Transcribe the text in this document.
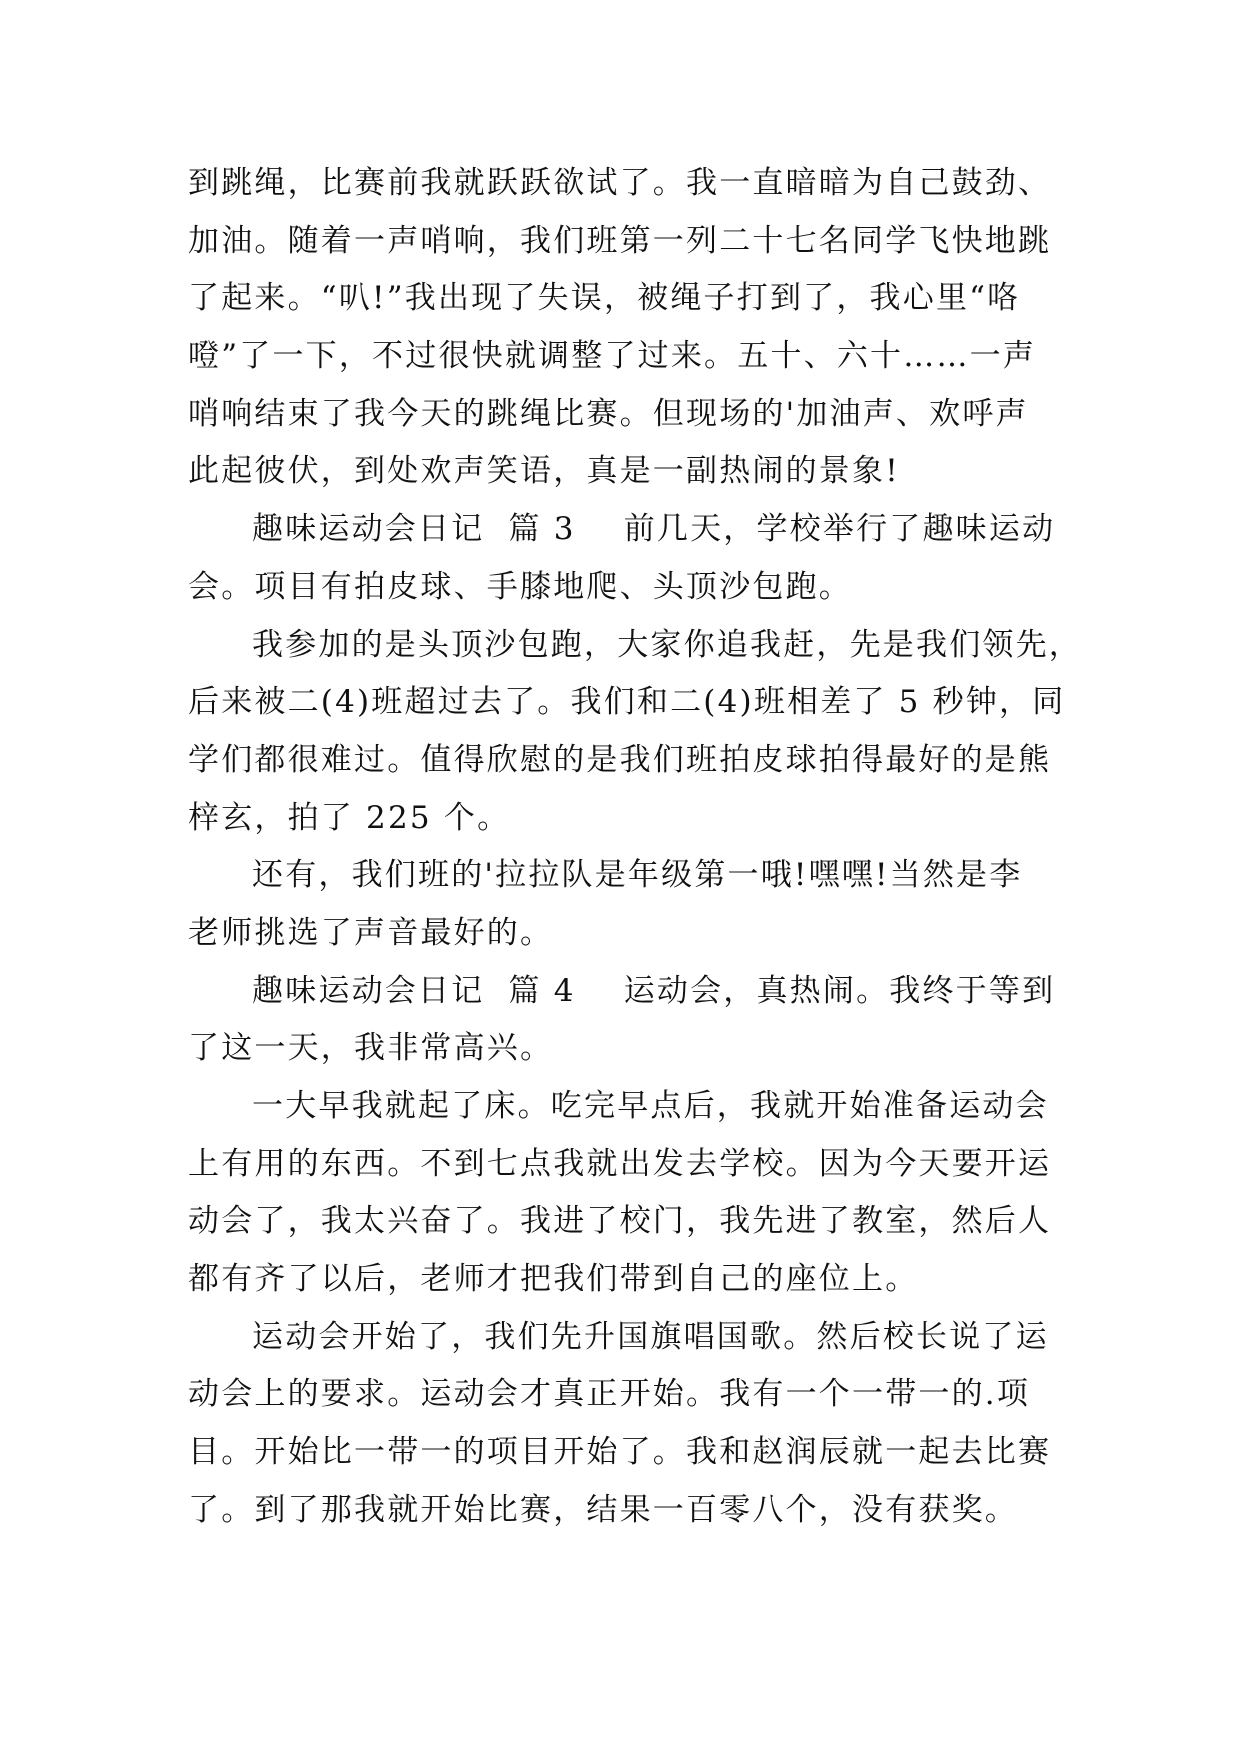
到跳绳，比赛前我就跃跃欲试了。我一直暗暗为自己鼓劲、
加油。随着一声哨响，我们班第一列二十七名同学飞快地跳
了起来。“叭!”我出现了失误，被绳子打到了，我心里“咯
噔”了一下，不过很快就调整了过来。五十、六十……一声
哨响结束了我今天的跳绳比赛。但现场的'加油声、欢呼声
此起彼伏，到处欢声笑语，真是一副热闹的景象!
趣味运动会日记  篇 3 前几天，学校举行了趣味运动
会。项目有拍皮球、手膝地爬、头顶沙包跑。
我参加的是头顶沙包跑，大家你追我赶，先是我们领先，
后来被二(4)班超过去了。我们和二(4)班相差了 5 秒钟，同
学们都很难过。值得欣慰的是我们班拍皮球拍得最好的是熊
梓玄，拍了 225 个。
还有，我们班的'拉拉队是年级第一哦!嘿嘿!当然是李
老师挑选了声音最好的。
趣味运动会日记  篇 4 运动会，真热闹。我终于等到
了这一天，我非常高兴。
一大早我就起了床。吃完早点后，我就开始准备运动会
上有用的东西。不到七点我就出发去学校。因为今天要开运
动会了，我太兴奋了。我进了校门，我先进了教室，然后人
都有齐了以后，老师才把我们带到自己的座位上。
运动会开始了，我们先升国旗唱国歌。然后校长说了运
动会上的要求。运动会才真正开始。我有一个一带一的.项
目。开始比一带一的项目开始了。我和赵润辰就一起去比赛
了。到了那我就开始比赛，结果一百零八个，没有获奖。
